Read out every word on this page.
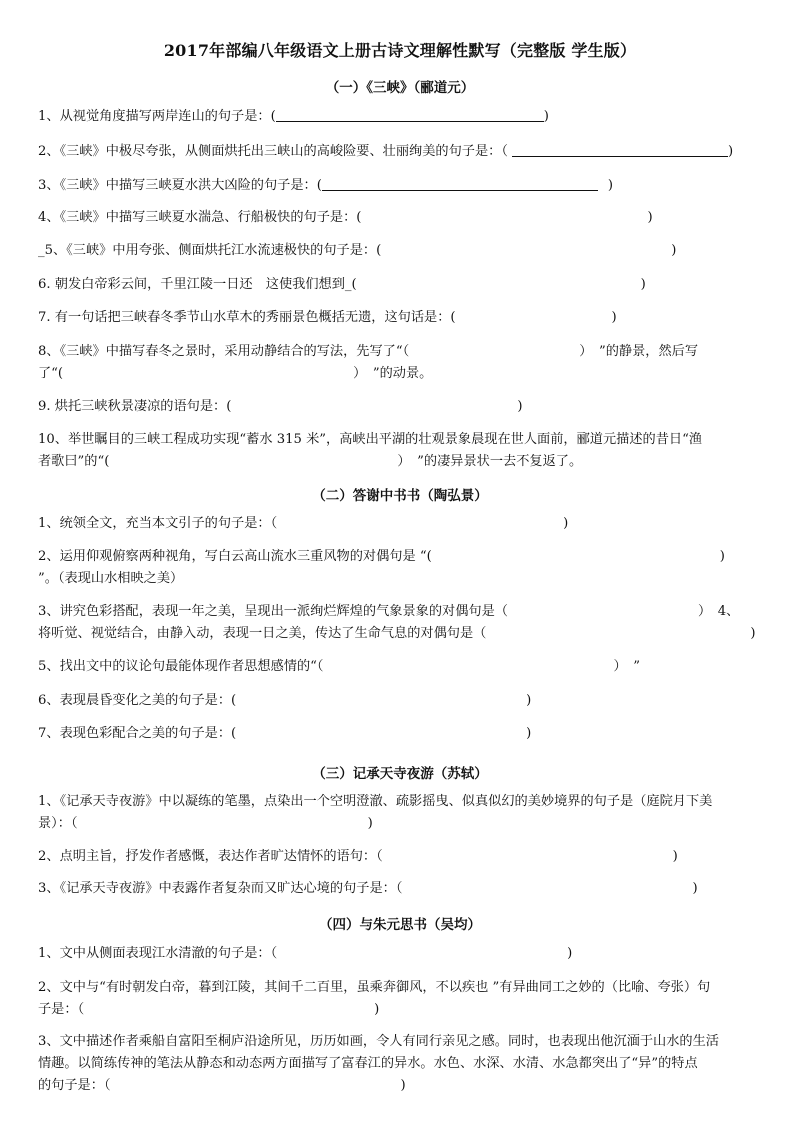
2017年部编八年级语文上册古诗文理解性默写（完整版 学生版）
（一）《三峡》（郦道元）
1、从视觉角度描写两岸连山的句子是：(	)
2、《三峡》中极尽夸张，从侧面烘托出三峡山的高峻险要、壮丽绚美的句子是：（	)
3、《三峡》中描写三峡夏水洪大凶险的句子是：(	)
4、《三峡》中描写三峡夏水湍急、行船极快的句子是：(	)
_5、《三峡》中用夸张、侧面烘托江水流速极快的句子是：(	)
6. 朝发白帝彩云间，千里江陵一日还　这使我们想到_(	)
7. 有一句话把三峡春冬季节山水草木的秀丽景色概括无遗，这句话是：(	)
8、《三峡》中描写春冬之景时，采用动静结合的写法，先写了“（	）　”的静景，然后写
了“(	）　”的动景。
9. 烘托三峡秋景凄凉的语句是：(	)
10、举世瞩目的三峡工程成功实现“蓄水 315 米”，高峡出平湖的壮观景象晨现在世人面前，郦道元描述的昔日“渔
者歌曰”的“(	）　”的凄异景状一去不复返了。
（二）答谢中书书（陶弘景）
1、统领全文，充当本文引子的句子是：（	)
2、运用仰观俯察两种视角，写白云高山流水三重风物的对偶句是 “(	)
”。（表现山水相映之美）
3、讲究色彩搭配，表现一年之美，呈现出一派绚烂辉煌的气象景象的对偶句是（	）　4、
将听觉、视觉结合，由静入动，表现一日之美，传达了生命气息的对偶句是（	)
5、找出文中的议论句最能体现作者思想感情的“（	）　”
6、表现晨昏变化之美的句子是：(	)
7、表现色彩配合之美的句子是：(	)
（三）记承天寺夜游（苏轼）
1、《记承天寺夜游》中以凝练的笔墨，点染出一个空明澄澈、疏影摇曳、似真似幻的美妙境界的句子是（庭院月下美
景）：（	)
2、点明主旨，抒发作者感慨，表达作者旷达情怀的语句：（	)
3、《记承天寺夜游》中表露作者复杂而又旷达心境的句子是：（	)
（四）与朱元思书（吴均）
1、文中从侧面表现江水清澈的句子是：（	)
2、文中与“有时朝发白帝，暮到江陵，其间千二百里，虽乘奔御风，不以疾也 ”有异曲同工之妙的（比喻、夸张）句
子是：（	)
3、文中描述作者乘船自富阳至桐庐沿途所见，历历如画，令人有同行亲见之感。同时，也表现出他沉湎于山水的生活
情趣。以简练传神的笔法从静态和动态两方面描写了富春江的异水。水色、水深、水清、水急都突出了“异”的特点
的句子是：（	)
